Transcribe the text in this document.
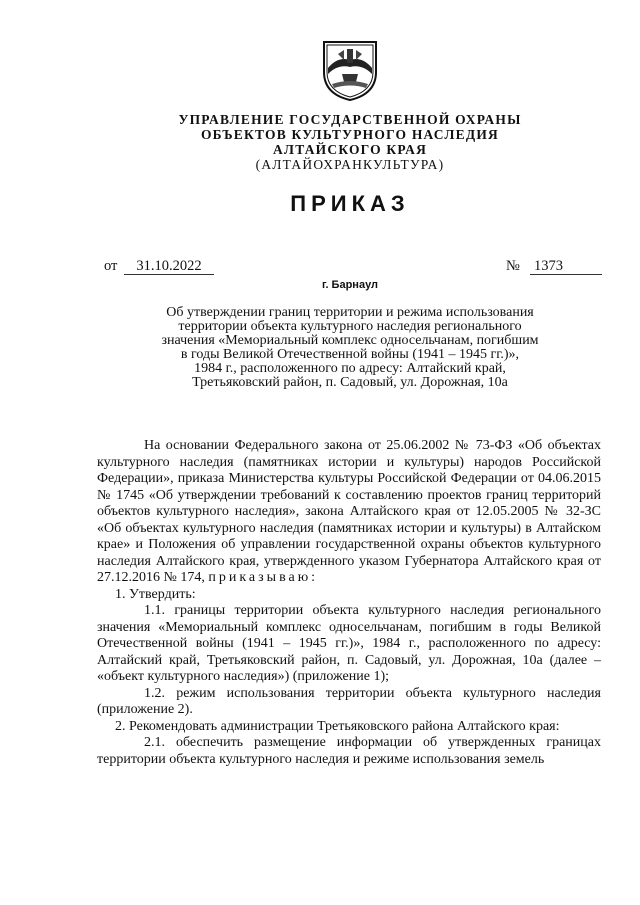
УПРАВЛЕНИЕ ГОСУДАРСТВЕННОЙ ОХРАНЫ
ОБЪЕКТОВ КУЛЬТУРНОГО НАСЛЕДИЯ
АЛТАЙСКОГО КРАЯ
(АЛТАЙОХРАНКУЛЬТУРА)
ПРИКАЗ
от	31.10.2022	№ 1373
г. Барнаул
Об утверждении границ территории и режима использования
территории объекта культурного наследия регионального
значения «Мемориальный комплекс односельчанам, погибшим
в годы Великой Отечественной войны (1941 – 1945 гг.)»,
1984 г., расположенного по адресу: Алтайский край,
Третьяковский район, п. Садовый, ул. Дорожная, 10а

На основании Федерального закона от 25.06.2002 № 73-ФЗ «Об объектах культурного наследия (памятниках истории и культуры) народов Российской Федерации», приказа Министерства культуры Российской Федерации от 04.06.2015 № 1745 «Об утверждении требований к составлению проектов границ территорий объектов культурного наследия», закона Алтайского края от 12.05.2005 № 32-ЗС «Об объектах культурного наследия (памятниках истории и культуры) в Алтайском крае» и Положения об управлении государственной охраны объектов культурного наследия Алтайского края, утвержденного указом Губернатора Алтайского края от 27.12.2016 № 174, приказываю:

1. Утвердить:

1.1. границы территории объекта культурного наследия регионального значения «Мемориальный комплекс односельчанам, погибшим в годы Великой Отечественной войны (1941 – 1945 гг.)», 1984 г., расположенного по адресу: Алтайский край, Третьяковский район, п. Садовый, ул. Дорожная, 10а (далее – «объект культурного наследия») (приложение 1);

1.2. режим использования территории объекта культурного наследия (приложение 2).

2. Рекомендовать администрации Третьяковского района Алтайского края:

2.1. обеспечить размещение информации об утвержденных границах территории объекта культурного наследия и режиме использования земель
